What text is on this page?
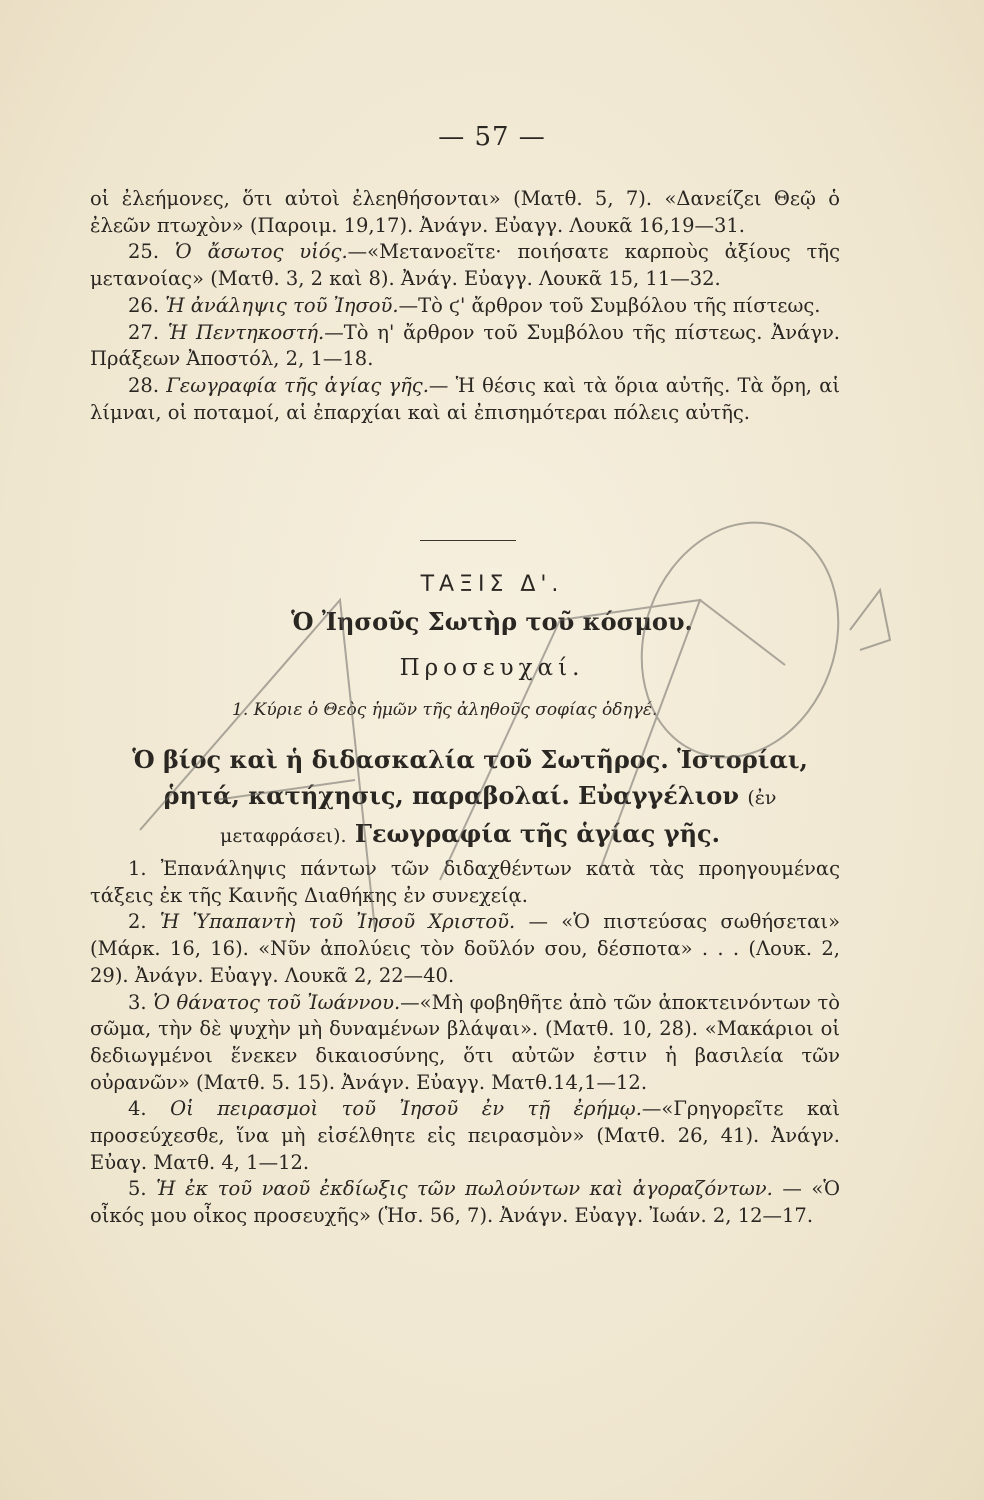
— 57 —

οἱ ἐλεήμονες, ὅτι αὐτοὶ ἐλεηθήσονται» (Ματθ. 5, 7). «Δανείζει Θεῷ ὁ ἐλεῶν πτωχὸν» (Παροιμ. 19,17). Ἀνάγν. Εὐαγγ. Λουκᾶ 16,19—31.

25. Ὁ ἄσωτος υἱός.—«Μετανοεῖτε· ποιήσατε καρποὺς ἀξίους τῆς μετανοίας» (Ματθ. 3, 2 καὶ 8). Ἀνάγ. Εὐαγγ. Λουκᾶ 15, 11—32.

26. Ἡ ἀνάληψις τοῦ Ἰησοῦ.—Τὸ ϛ' ἄρθρον τοῦ Συμβόλου τῆς πίστεως.

27. Ἡ Πεντηκοστή.—Τὸ η' ἄρθρον τοῦ Συμβόλου τῆς πίστεως. Ἀνάγν. Πράξεων Ἀποστόλ, 2, 1—18.

28. Γεωγραφία τῆς ἁγίας γῆς.— Ἡ θέσις καὶ τὰ ὅρια αὐτῆς. Τὰ ὄρη, αἱ λίμναι, οἱ ποταμοί, αἱ ἐπαρχίαι καὶ αἱ ἐπισημότεραι πόλεις αὐτῆς.

ΤΑΞΙΣ Δ'.
Ὁ Ἰησοῦς Σωτὴρ τοῦ κόσμου.
Προσευχαί.
1. Κύριε ὁ Θεὸς ἡμῶν τῆς ἀληθοῦς σοφίας ὁδηγέ.
Ὁ βίος καὶ ἡ διδασκαλία τοῦ Σωτῆρος. Ἱστορίαι, ῥητά, κατήχησις, παραβολαί. Εὐαγγέλιον (ἐν μεταφράσει). Γεωγραφία τῆς ἁγίας γῆς.

1. Ἐπανάληψις πάντων τῶν διδαχθέντων κατὰ τὰς προηγουμένας τάξεις ἐκ τῆς Καινῆς Διαθήκης ἐν συνεχείᾳ.

2. Ἡ Ὑπαπαντὴ τοῦ Ἰησοῦ Χριστοῦ. — «Ὁ πιστεύσας σωθήσεται» (Μάρκ. 16, 16). «Νῦν ἀπολύεις τὸν δοῦλόν σου, δέσποτα» . . . (Λουκ. 2, 29). Ἀνάγν. Εὐαγγ. Λουκᾶ 2, 22—40.

3. Ὁ θάνατος τοῦ Ἰωάννου.—«Μὴ φοβηθῆτε ἀπὸ τῶν ἀποκτεινόντων τὸ σῶμα, τὴν δὲ ψυχὴν μὴ δυναμένων βλάψαι». (Ματθ. 10, 28). «Μακάριοι οἱ δεδιωγμένοι ἕνεκεν δικαιοσύνης, ὅτι αὐτῶν ἐστιν ἡ βασιλεία τῶν οὐρανῶν» (Ματθ. 5. 15). Ἀνάγν. Εὐαγγ. Ματθ.14,1—12.

4. Οἱ πειρασμοὶ τοῦ Ἰησοῦ ἐν τῇ ἐρήμῳ.—«Γρηγορεῖτε καὶ προσεύχεσθε, ἵνα μὴ εἰσέλθητε εἰς πειρασμὸν» (Ματθ. 26, 41). Ἀνάγν. Εὐαγ. Ματθ. 4, 1—12.

5. Ἡ ἐκ τοῦ ναοῦ ἐκδίωξις τῶν πωλούντων καὶ ἀγοραζόντων. — «Ὁ οἶκός μου οἶκος προσευχῆς» (Ἡσ. 56, 7). Ἀνάγν. Εὐαγγ. Ἰωάν. 2, 12—17.
